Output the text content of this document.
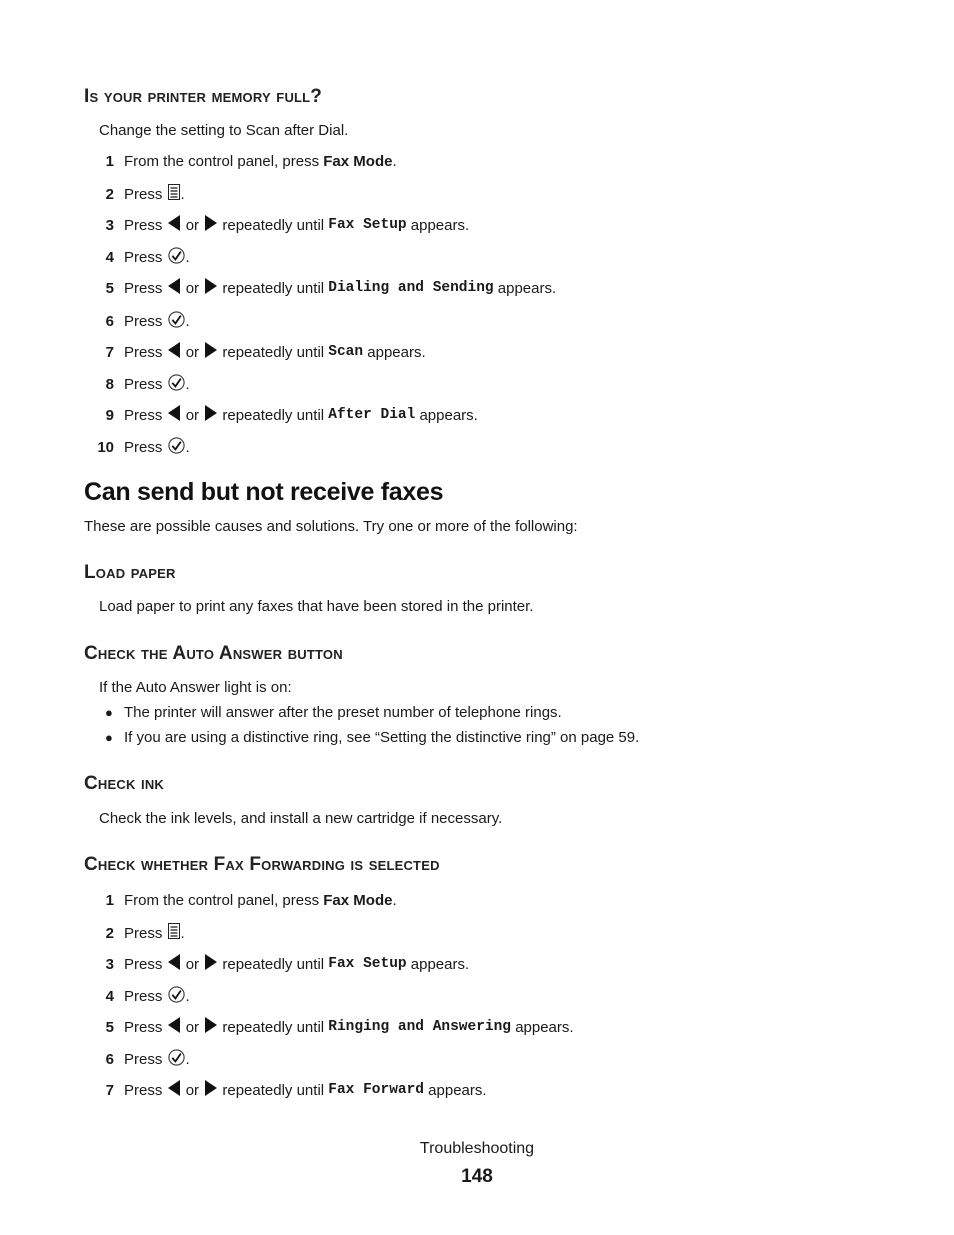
Is your printer memory full?
Change the setting to Scan after Dial.
1 From the control panel, press Fax Mode .
2 Press .
3 Press
or

repeatedly until
Fax Setup
appears.
4 Press .
5 Press
or

repeatedly until
Dialing and Sending
appears.
6 Press .
7 Press
or

repeatedly until
Scan
appears.
8 Press .
9 Press
or

repeatedly until
After Dial
appears.
10 Press .
Can send but not receive faxes
These are possible causes and solutions. Try one or more of the following:
Load paper
Load paper to print any faxes that have been stored in the printer.
Check the Auto Answer button
If the Auto Answer light is on:
● The printer will answer after the preset number of telephone rings.
● If you are using a distinctive ring, see “Setting the distinctive ring” on page 59.
Check ink
Check the ink levels, and install a new cartridge if necessary.
Check whether Fax Forwarding is selected
1 From the control panel, press Fax Mode .
2 Press .
3 Press
or

repeatedly until
Fax Setup
appears.
4 Press .
5 Press
or

repeatedly until
Ringing and Answering
appears.
6 Press .
7 Press
or

repeatedly until
Fax Forward
appears.
Troubleshooting
148
